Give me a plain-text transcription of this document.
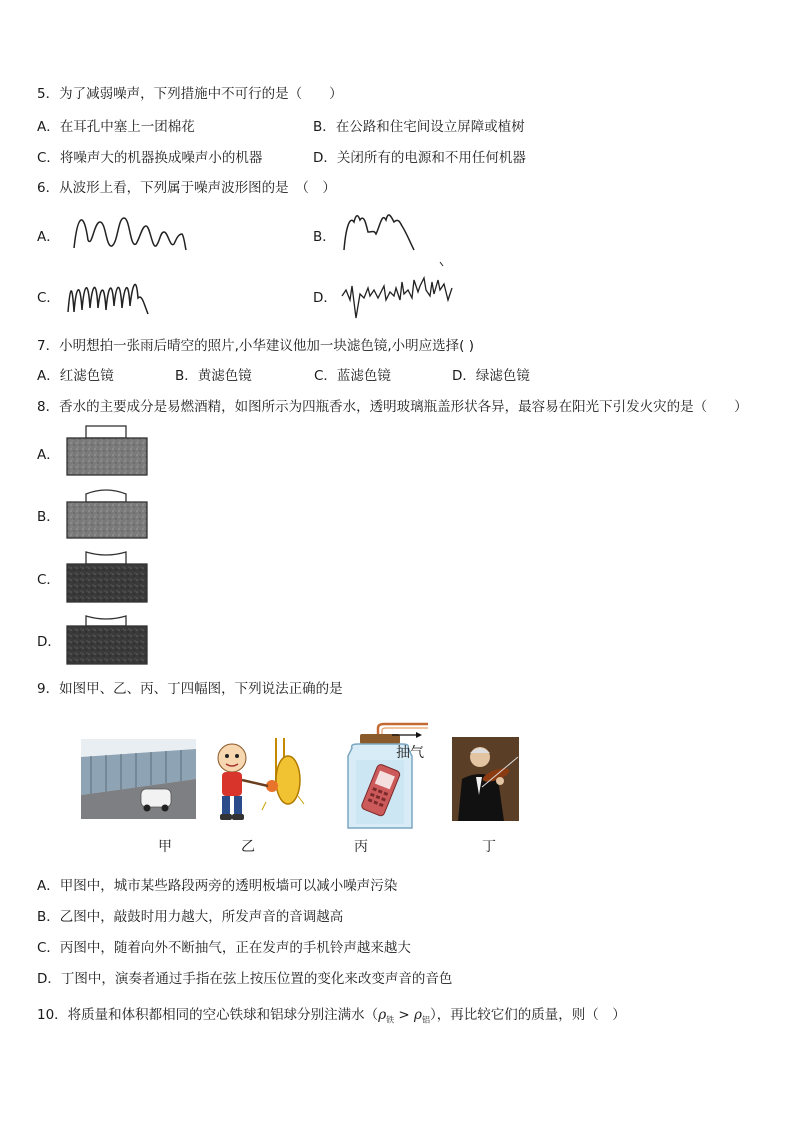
5．为了减弱噪声，下列措施中不可行的是（　　）
A．在耳孔中塞上一团棉花	B．在公路和住宅间设立屏障或植树
C．将噪声大的机器换成噪声小的机器	D．关闭所有的电源和不用任何机器
6．从波形上看，下列属于噪声波形图的是　（　）
A．	B．
C．	D．
7．小明想拍一张雨后晴空的照片,小华建议他加一块滤色镜,小明应选择( )
A．红滤色镜	B．黄滤色镜	C．蓝滤色镜	D．绿滤色镜
8．香水的主要成分是易燃酒精，如图所示为四瓶香水，透明玻璃瓶盖形状各异，最容易在阳光下引发火灾的是（　　）
A．
B．
C．
D．
9．如图甲、乙、丙、丁四幅图，下列说法正确的是
甲	乙
抽气
丙	丁
A．甲图中，城市某些路段两旁的透明板墙可以减小噪声污染
B．乙图中，敲鼓时用力越大，所发声音的音调越高
C．丙图中，随着向外不断抽气，正在发声的手机铃声越来越大
D．丁图中，演奏者通过手指在弦上按压位置的变化来改变声音的音色
10．将质量和体积都相同的空心铁球和铝球分别注满水$(\rho_铁 > \rho_铝)$，再比较它们的质量，则（　）
